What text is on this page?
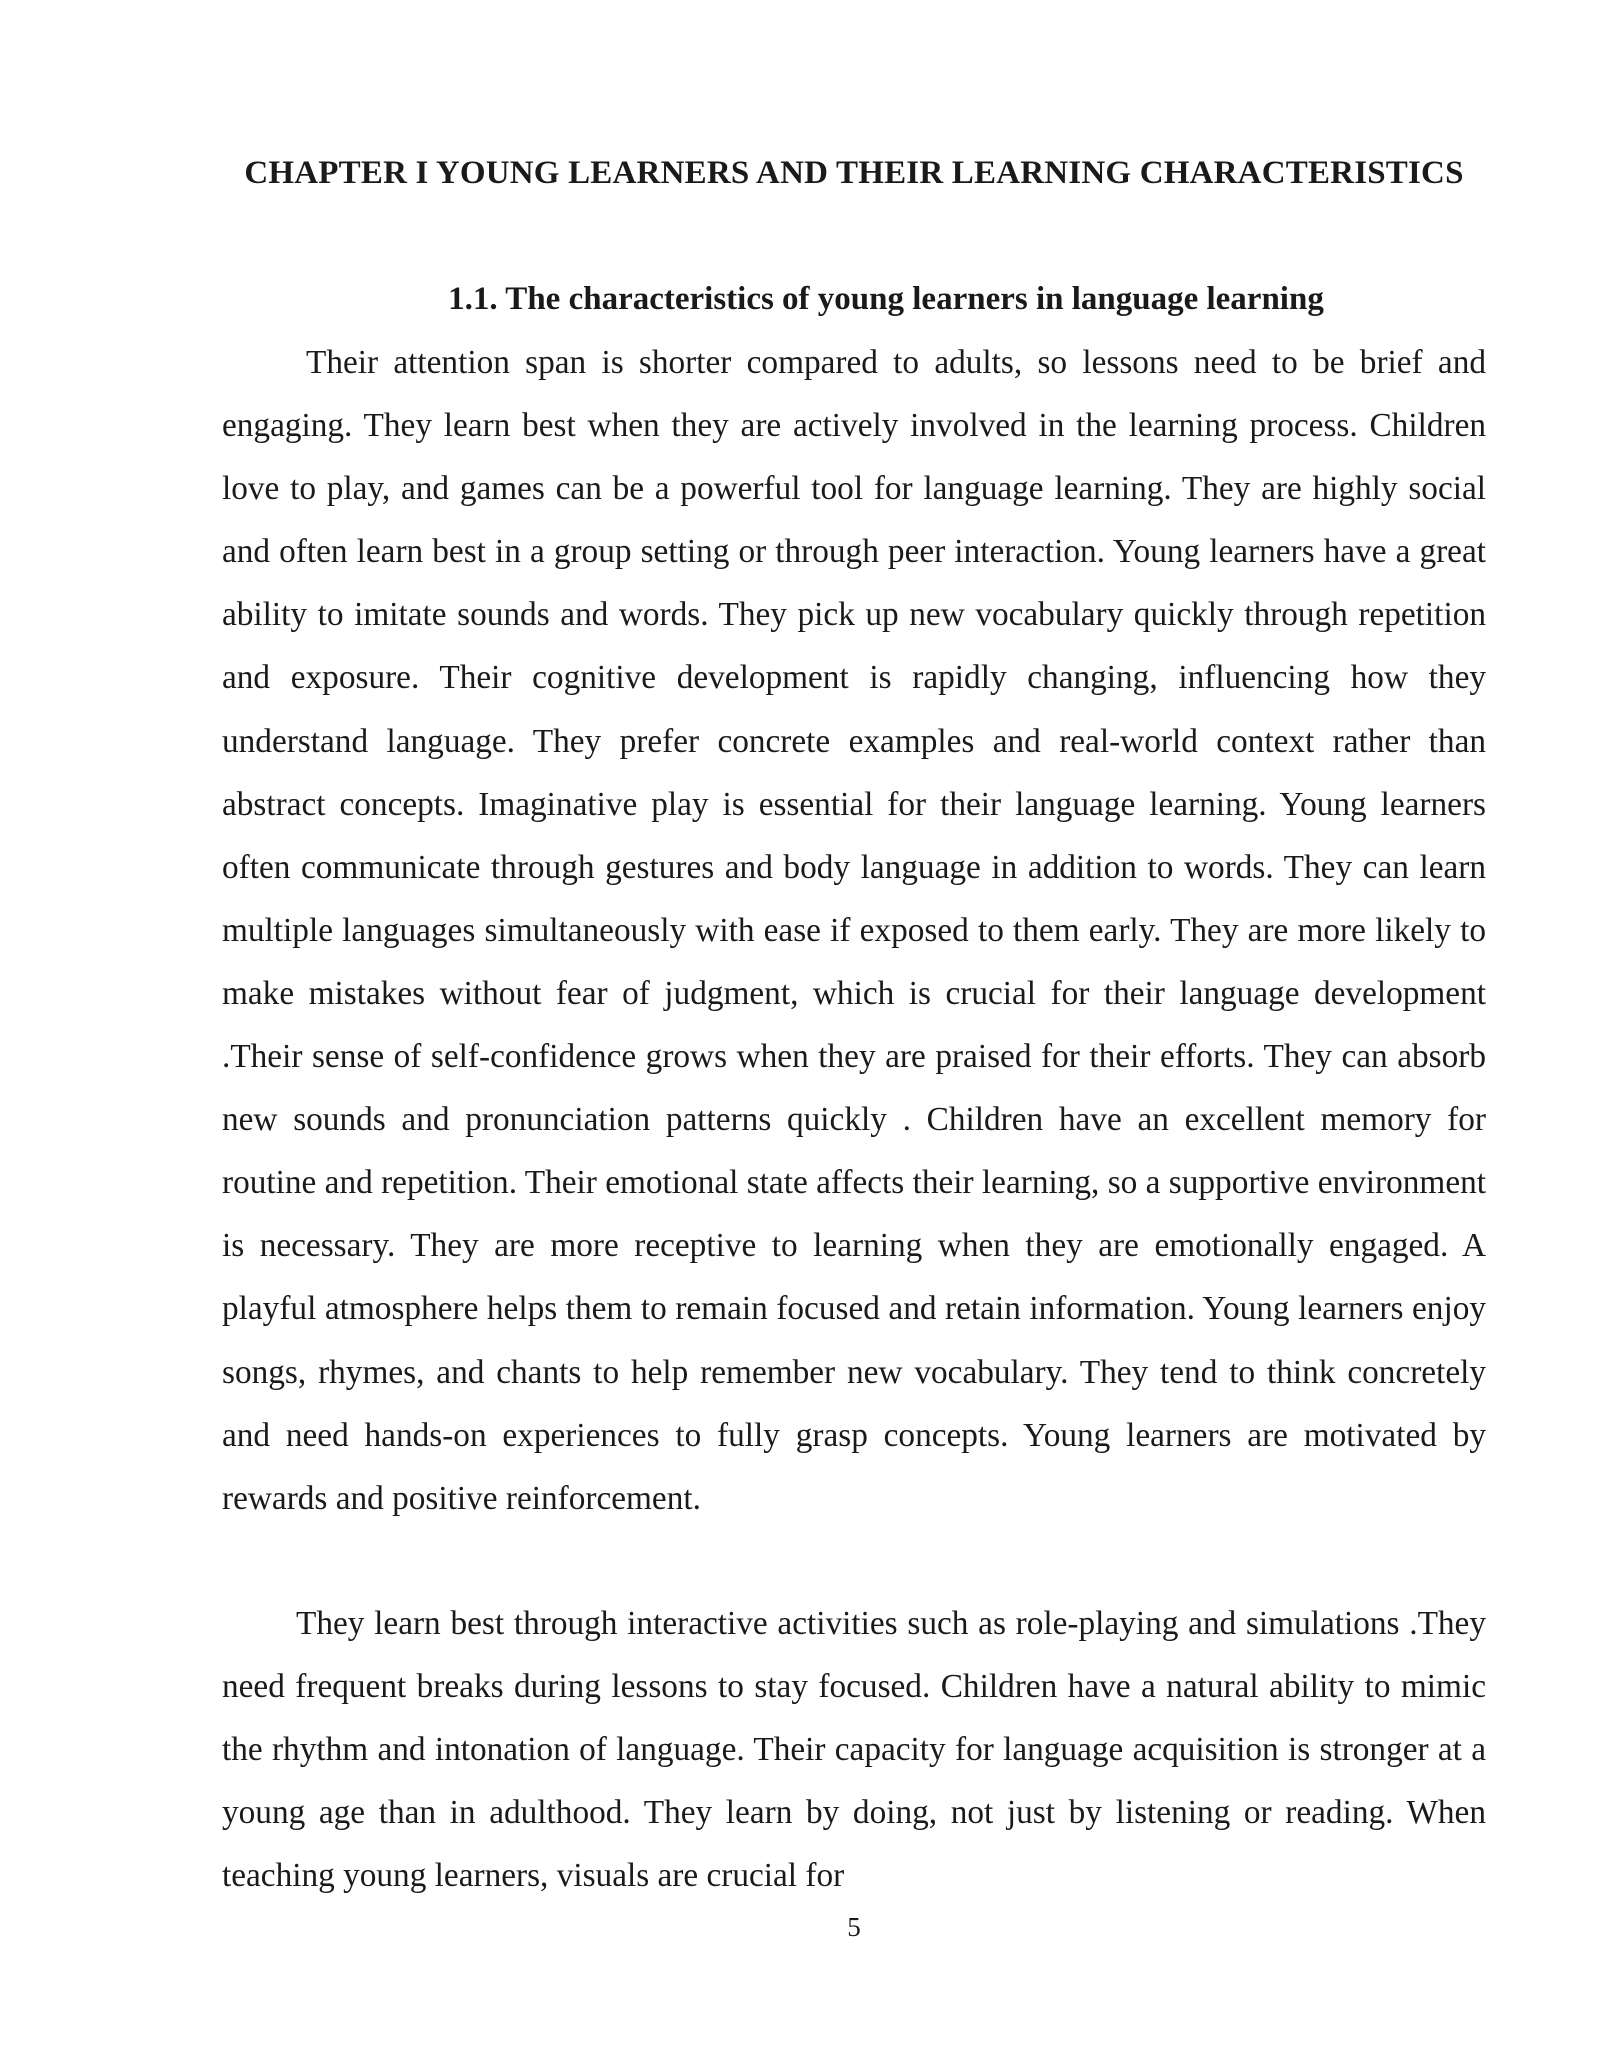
CHAPTER I YOUNG LEARNERS AND THEIR LEARNING CHARACTERISTICS
1.1. The characteristics of young learners in language learning

Their attention span is shorter compared to adults, so lessons need to be brief and engaging. They learn best when they are actively involved in the learning process. Children love to play, and games can be a powerful tool for language learning. They are highly social and often learn best in a group setting or through peer interaction. Young learners have a great ability to imitate sounds and words. They pick up new vocabulary quickly through repetition and exposure. Their cognitive development is rapidly changing, influencing how they understand language. They prefer concrete examples and real-world context rather than abstract concepts. Imaginative play is essential for their language learning. Young learners often communicate through gestures and body language in addition to words. They can learn multiple languages simultaneously with ease if exposed to them early. They are more likely to make mistakes without fear of judgment, which is crucial for their language development .Their sense of self-confidence grows when they are praised for their efforts. They can absorb new sounds and pronunciation patterns quickly . Children have an excellent memory for routine and repetition. Their emotional state affects their learning, so a supportive environment is necessary. They are more receptive to learning when they are emotionally engaged. A playful atmosphere helps them to remain focused and retain information. Young learners enjoy songs, rhymes, and chants to help remember new vocabulary. They tend to think concretely and need hands-on experiences to fully grasp concepts. Young learners are motivated by rewards and positive reinforcement.

They learn best through interactive activities such as role-playing and simulations .They need frequent breaks during lessons to stay focused. Children have a natural ability to mimic the rhythm and intonation of language. Their capacity for language acquisition is stronger at a young age than in adulthood. They learn by doing, not just by listening or reading. When teaching young learners, visuals are crucial for

5
